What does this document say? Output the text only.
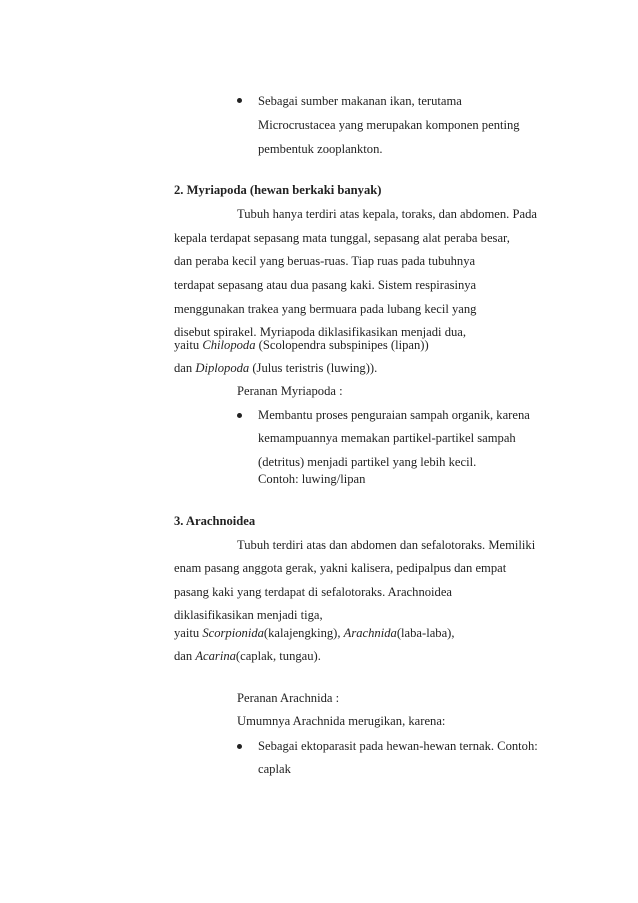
Sebagai sumber makanan ikan, terutama
Microcrustacea yang merupakan komponen penting
pembentuk zooplankton.
2. Myriapoda (hewan berkaki banyak)
Tubuh hanya terdiri atas kepala, toraks, dan abdomen. Pada
kepala terdapat sepasang mata tunggal, sepasang alat peraba besar,
dan peraba kecil yang beruas-ruas. Tiap ruas pada tubuhnya
terdapat sepasang atau dua pasang kaki. Sistem respirasinya
menggunakan trakea yang bermuara pada lubang kecil yang
disebut spirakel. Myriapoda diklasifikasikan menjadi dua,
yaitu Chilopoda (Scolopendra subspinipes (lipan))
dan Diplopoda (Julus teristris (luwing)).
Peranan Myriapoda :
Membantu proses penguraian sampah organik, karena
kemampuannya memakan partikel-partikel sampah
(detritus) menjadi partikel yang lebih kecil.
Contoh: luwing/lipan
3. Arachnoidea
Tubuh terdiri atas dan abdomen dan sefalotoraks. Memiliki
enam pasang anggota gerak, yakni kalisera, pedipalpus dan empat
pasang kaki yang terdapat di sefalotoraks. Arachnoidea
diklasifikasikan menjadi tiga,
yaitu Scorpionida(kalajengking), Arachnida(laba-laba),
dan Acarina(caplak, tungau).
Peranan Arachnida :
Umumnya Arachnida merugikan, karena:
Sebagai ektoparasit pada hewan-hewan ternak. Contoh:
caplak
